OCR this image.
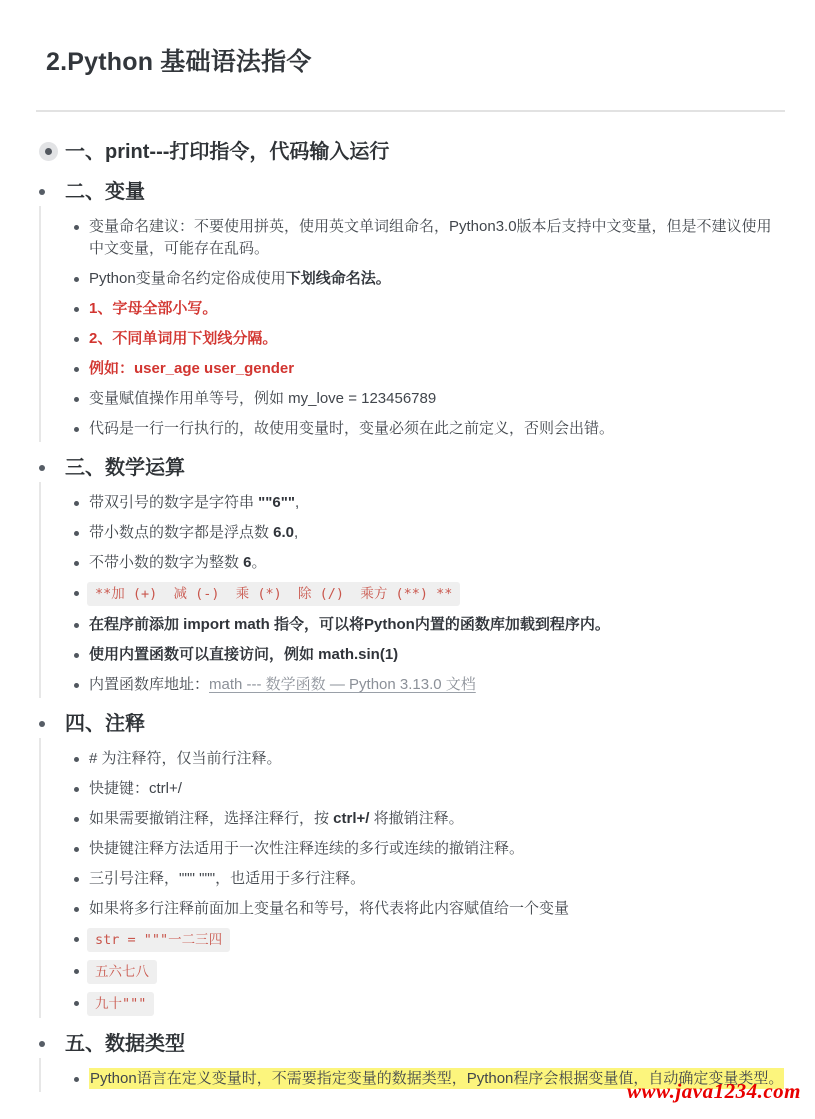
2.Python 基础语法指令
一、print---打印指令，代码输入运行
二、变量

变量命名建议：不要使用拼英，使用英文单词组命名，Python3.0版本后支持中文变量，但是不建议使用中文变量，可能存在乱码。

Python变量命名约定俗成使用下划线命名法。

1、字母全部小写。

2、不同单词用下划线分隔。

例如：user_age user_gender

变量赋值操作用单等号，例如 my_love = 123456789

代码是一行一行执行的，故使用变量时，变量必须在此之前定义，否则会出错。

三、数学运算

带双引号的数字是字符串 ""6"",

带小数点的数字都是浮点数 6.0,

不带小数的数字为整数 6。

**加 (+)  减 (-)  乘 (*)  除 (/)  乘方 (**) **

在程序前添加 import math 指令，可以将Python内置的函数库加载到程序内。

使用内置函数可以直接访问，例如 math.sin(1)

内置函数库地址：math --- 数学函数 — Python 3.13.0 文档

四、注释

# 为注释符，仅当前行注释。

快捷键：ctrl+/

如果需要撤销注释，选择注释行，按 ctrl+/ 将撤销注释。

快捷键注释方法适用于一次性注释连续的多行或连续的撤销注释。

三引号注释，""" """，也适用于多行注释。

如果将多行注释前面加上变量名和等号，将代表将此内容赋值给一个变量

str = """一二三四

五六七八

九十"""

五、数据类型

Python语言在定义变量时，不需要指定变量的数据类型，Python程序会根据变量值，自动确定变量类型。

www.java1234.com
